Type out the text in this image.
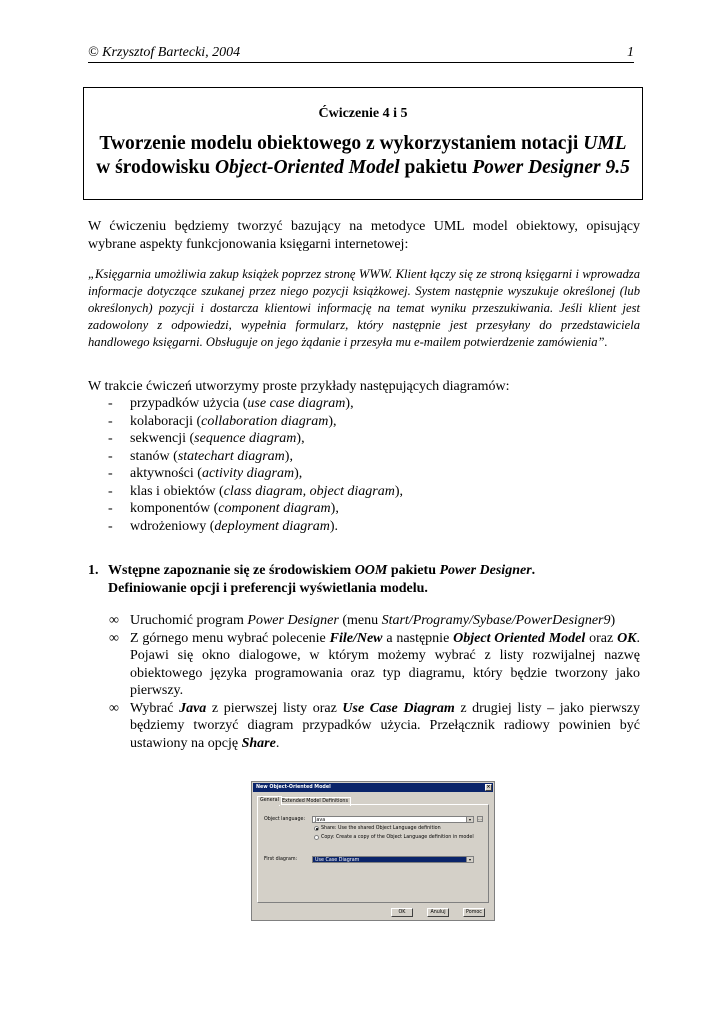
© Krzysztof Bartecki, 2004	1
Ćwiczenie 4 i 5
Tworzenie modelu obiektowego z wykorzystaniem notacji UML
w środowisku Object-Oriented Model pakietu Power Designer 9.5
W ćwiczeniu będziemy tworzyć bazujący na metodyce UML model obiektowy, opisujący wybrane aspekty funkcjonowania księgarni internetowej:
„Księgarnia umożliwia zakup książek poprzez stronę WWW. Klient łączy się ze stroną księgarni i wprowadza informacje dotyczące szukanej przez niego pozycji książkowej. System następnie wyszukuje określonej (lub określonych) pozycji i dostarcza klientowi informację na temat wyniku przeszukiwania. Jeśli klient jest zadowolony z odpowiedzi, wypełnia formularz, który następnie jest przesyłany do przedstawiciela handlowego księgarni. Obsługuje on jego żądanie i przesyła mu e-mailem potwierdzenie zamówienia”.
W trakcie ćwiczeń utworzymy proste przykłady następujących diagramów:
- przypadków użycia (use case diagram),
- kolaboracji (collaboration diagram),
- sekwencji (sequence diagram),
- stanów (statechart diagram),
- aktywności (activity diagram),
- klas i obiektów (class diagram, object diagram),
- komponentów (component diagram),
- wdrożeniowy (deployment diagram).
1. Wstępne zapoznanie się ze środowiskiem OOM pakietu Power Designer.
Definiowanie opcji i preferencji wyświetlania modelu.
∞ Uruchomić program Power Designer (menu Start/Programy/Sybase/PowerDesigner9)
∞ Z górnego menu wybrać polecenie File/New a następnie Object Oriented Model oraz OK. Pojawi się okno dialogowe, w którym możemy wybrać z listy rozwijalnej nazwę obiektowego języka programowania oraz typ diagramu, który będzie tworzony jako pierwszy.
∞ Wybrać Java z pierwszej listy oraz Use Case Diagram z drugiej listy – jako pierwszy będziemy tworzyć diagram przypadków użycia. Przełącznik radiowy powinien być ustawiony na opcję Share.
New Object-Oriented Model	×
General Extended Model Definitions
Object language: Java	▾	…
Share: Use the shared Object Language definition
Copy: Create a copy of the Object Language definition in model
First diagram:	Use Case Diagram	▾
OK	Anuluj	Pomoc
